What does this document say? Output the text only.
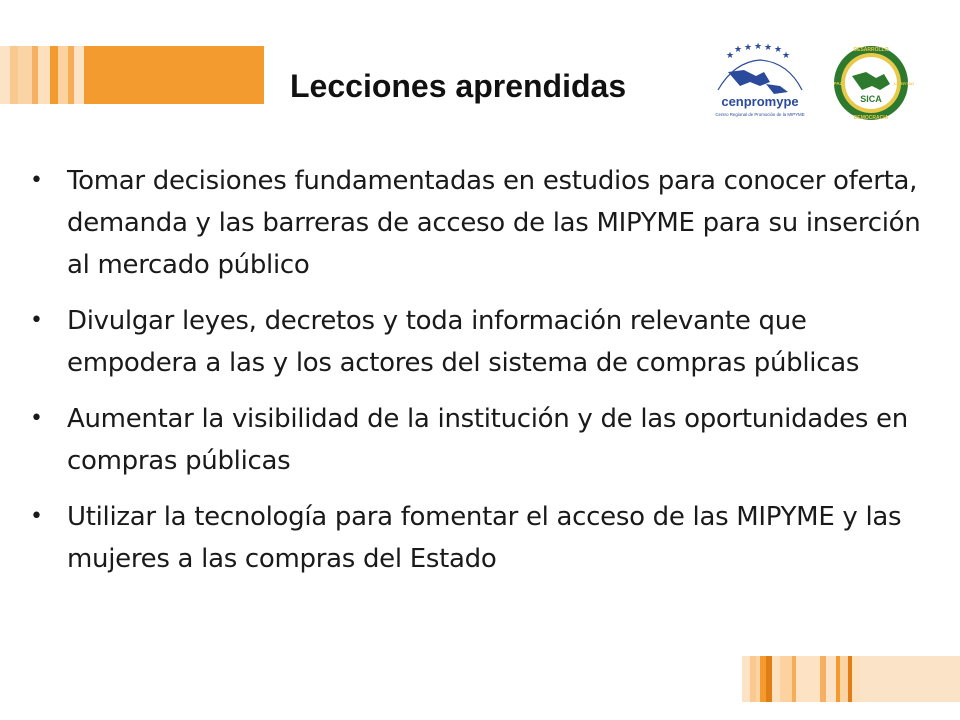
Lecciones aprendidas
★ ★ ★ ★ ★
★	★
cenpromype
Centro Regional de Promoción de la MIPYME
SICA
DESARROLLO
DEMOCRACIA
PAZ	LIBERTAD
• Tomar decisiones fundamentadas en estudios para conocer oferta, demanda y las barreras de acceso de las MIPYME para su inserción al mercado público
• Divulgar leyes, decretos y toda información relevante que empodera a las y los actores del sistema de compras públicas
• Aumentar la visibilidad de la institución y de las oportunidades en compras públicas
• Utilizar la tecnología para fomentar el acceso de las MIPYME y las mujeres a las compras del Estado
